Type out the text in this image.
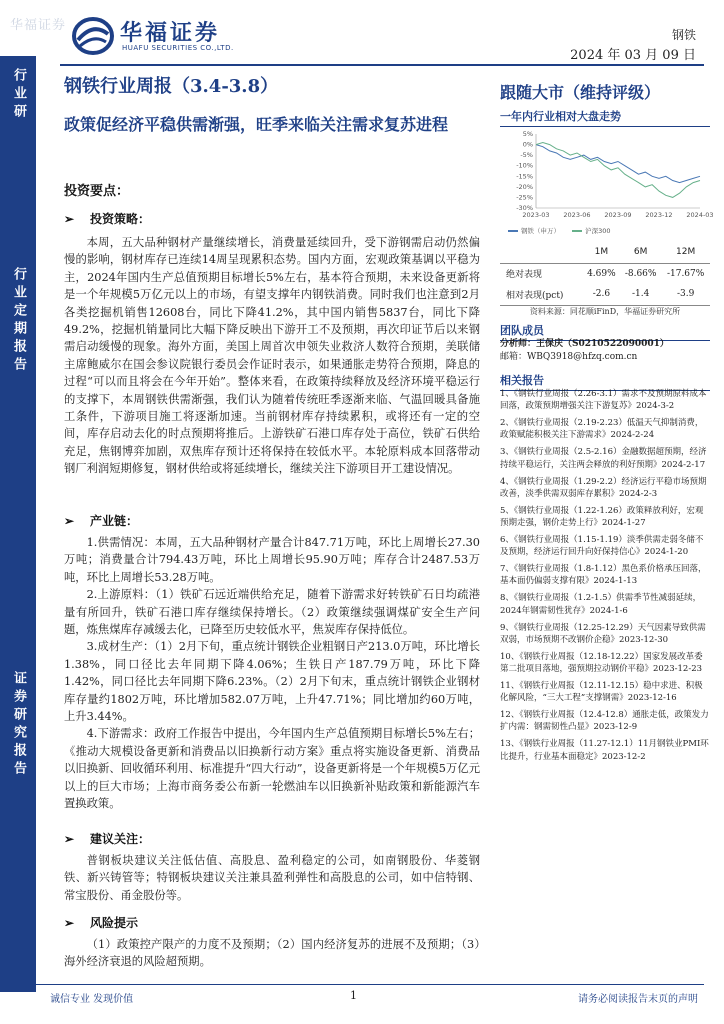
华福证券 华福证券
HUAFU SECURITIES CO.,LTD.
钢铁
2024 年 03 月 09 日
行业研
行业定期报告
证券研究报告
钢铁行业周报（3.4-3.8）
政策促经济平稳供需渐强，旺季来临关注需求复苏进程
投资要点：
➢ 投资策略：

本周，五大品种钢材产量继续增长，消费量延续回升，受下游钢需启动仍然偏慢的影响，钢材库存已连续14周呈现累积态势。国内方面，宏观政策基调以平稳为主，2024年国内生产总值预期目标增长5%左右，基本符合预期，未来设备更新将是一个年规模5万亿元以上的市场，有望支撑年内钢铁消费。同时我们也注意到2月各类挖掘机销售12608台，同比下降41.2%，其中国内销售5837台，同比下降49.2%，挖掘机销量同比大幅下降反映出下游开工不及预期，再次印证节后以来钢需启动缓慢的现象。海外方面，美国上周首次申领失业救济人数符合预期，美联储主席鲍威尔在国会参议院银行委员会作证时表示，如果通胀走势符合预期，降息的过程“可以而且将会在今年开始”。整体来看，在政策持续释放及经济环境平稳运行的支撑下，本周钢铁供需渐强，我们认为随着传统旺季逐渐来临、气温回暖具备施工条件，下游项目施工将逐渐加速。当前钢材库存持续累积，或将还有一定的空间，库存启动去化的时点预期将推后。上游铁矿石港口库存处于高位，铁矿石供给充足，焦钢博弈加剧，双焦库存预计还将保持在较低水平。本轮原料成本回落带动钢厂利润短期修复，钢材供给或将延续增长，继续关注下游项目开工建设情况。

➢ 产业链：

1.供需情况：本周，五大品种钢材产量合计847.71万吨，环比上周增长27.30万吨；消费量合计794.43万吨，环比上周增长95.90万吨；库存合计2487.53万吨，环比上周增长53.28万吨。

2.上游原料：（1）铁矿石远近端供给充足，随着下游需求好转铁矿石日均疏港量有所回升，铁矿石港口库存继续保持增长。（2）政策继续强调煤矿安全生产问题，炼焦煤库存减缓去化，已降至历史较低水平，焦炭库存保持低位。

3.成材生产：（1）2月下旬，重点统计钢铁企业粗钢日产213.0万吨，环比增长1.38%，同口径比去年同期下降4.06%；生铁日产187.79万吨，环比下降1.42%，同口径比去年同期下降6.23%。（2）2月下旬末，重点统计钢铁企业钢材库存量约1802万吨，环比增加582.07万吨，上升47.71%；同比增加约60万吨，上升3.44%。

4.下游需求：政府工作报告中提出，今年国内生产总值预期目标增长5%左右；《推动大规模设备更新和消费品以旧换新行动方案》重点将实施设备更新、消费品以旧换新、回收循环利用、标准提升“四大行动”，设备更新将是一个年规模5万亿元以上的巨大市场；上海市商务委公布新一轮燃油车以旧换新补贴政策和新能源汽车置换政策。

➢ 建议关注：

普钢板块建议关注低估值、高股息、盈利稳定的公司，如南钢股份、华菱钢铁、新兴铸管等；特钢板块建议关注兼具盈利弹性和高股息的公司，如中信特钢、常宝股份、甬金股份等。

➢ 风险提示

（1）政策控产限产的力度不及预期；（2）国内经济复苏的进展不及预期；（3）海外经济衰退的风险超预期。

跟随大市（维持评级）
一年内行业相对大盘走势
5%
0%
-5%
-10%
-15%
-20%
-25%
-30%
2023-03 2023-06 2023-09 2023-12 2024-03
钢铁（申万）	沪深300
	1M	6M	12M
绝对表现	4.69%	-8.66%	-17.67%
相对表现(pct)	-2.6	-1.4	-3.9
资料来源：同花顺iFinD，华福证券研究所
团队成员
分析师：王保庆（S0210522090001）
邮箱：WBQ3918@hfzq.com.cn
相关报告
1、《钢铁行业周报（2.26-3.1）需求不及预期原料成本回落，政策预期增强关注下游复苏》2024-3-2
2、《钢铁行业周报（2.19-2.23）低温天气抑制消费，政策赋能积极关注下游需求》2024-2-24
3、《钢铁行业周报（2.5-2.16）金融数据超预期，经济持续平稳运行，关注两会释放的利好预期》2024-2-17
4、《钢铁行业周报（1.29-2.2）经济运行平稳市场预期改善，淡季供需双弱库存累积》2024-2-3
5、《钢铁行业周报（1.22-1.26）政策释放利好，宏观预期走强，钢价走势上行》2024-1-27
6、《钢铁行业周报（1.15-1.19）淡季供需走弱冬储不及预期，经济运行回升向好保持信心》2024-1-20
7、《钢铁行业周报（1.8-1.12）黑色系价格承压回落，基本面仍偏弱支撑有限》2024-1-13
8、《钢铁行业周报（1.2-1.5）供需季节性减弱延续，2024年钢需韧性犹存》2024-1-6
9、《钢铁行业周报（12.25-12.29）天气因素导致供需双弱，市场预期不改钢价企稳》2023-12-30
10、《钢铁行业周报（12.18-12.22）国家发展改革委第二批项目落地，强预期拉动钢价平稳》2023-12-23
11、《钢铁行业周报（12.11-12.15）稳中求进、积极化解风险，“三大工程”支撑钢需》2023-12-16
12、《钢铁行业周报（12.4-12.8）通胀走低，政策发力扩内需：钢需韧性凸显》2023-12-9
13、《钢铁行业周报（11.27-12.1）11月钢铁业PMI环比提升，行业基本面稳定》2023-12-2
诚信专业 发现价值	1	请务必阅读报告末页的声明
